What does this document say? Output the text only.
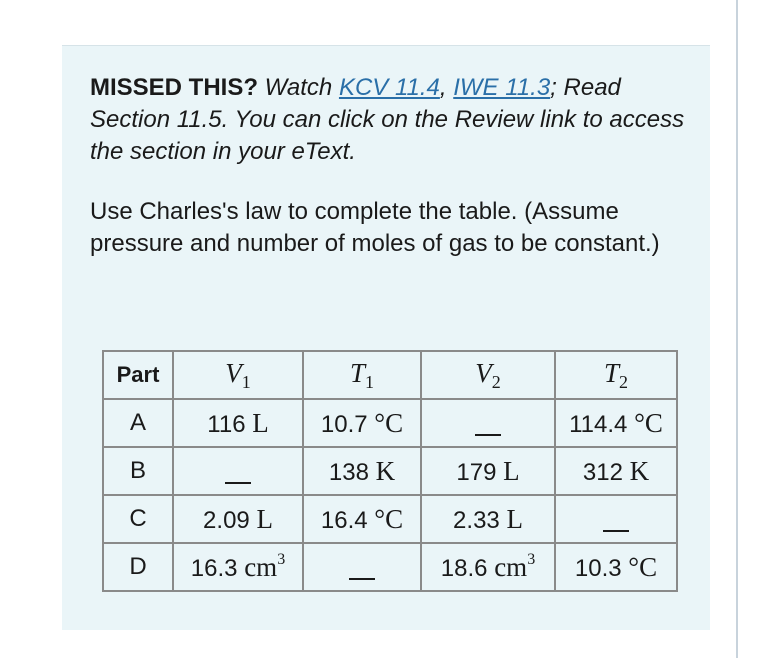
MISSED THIS? Watch KCV 11.4, IWE 11.3; Read Section 11.5. You can click on the Review link to access the section in your eText.
Use Charles's law to complete the table. (Assume pressure and number of moles of gas to be constant.)
Part	$V_1$	$T_1$	$V_2$	$T_2$
A	116 L	10.7 °C		114.4 °C
B		138 K	179 L	312 K
C	2.09 L	16.4 °C	2.33 L	
D	16.3 $cm^3$		18.6 $cm^3$	10.3 °C
